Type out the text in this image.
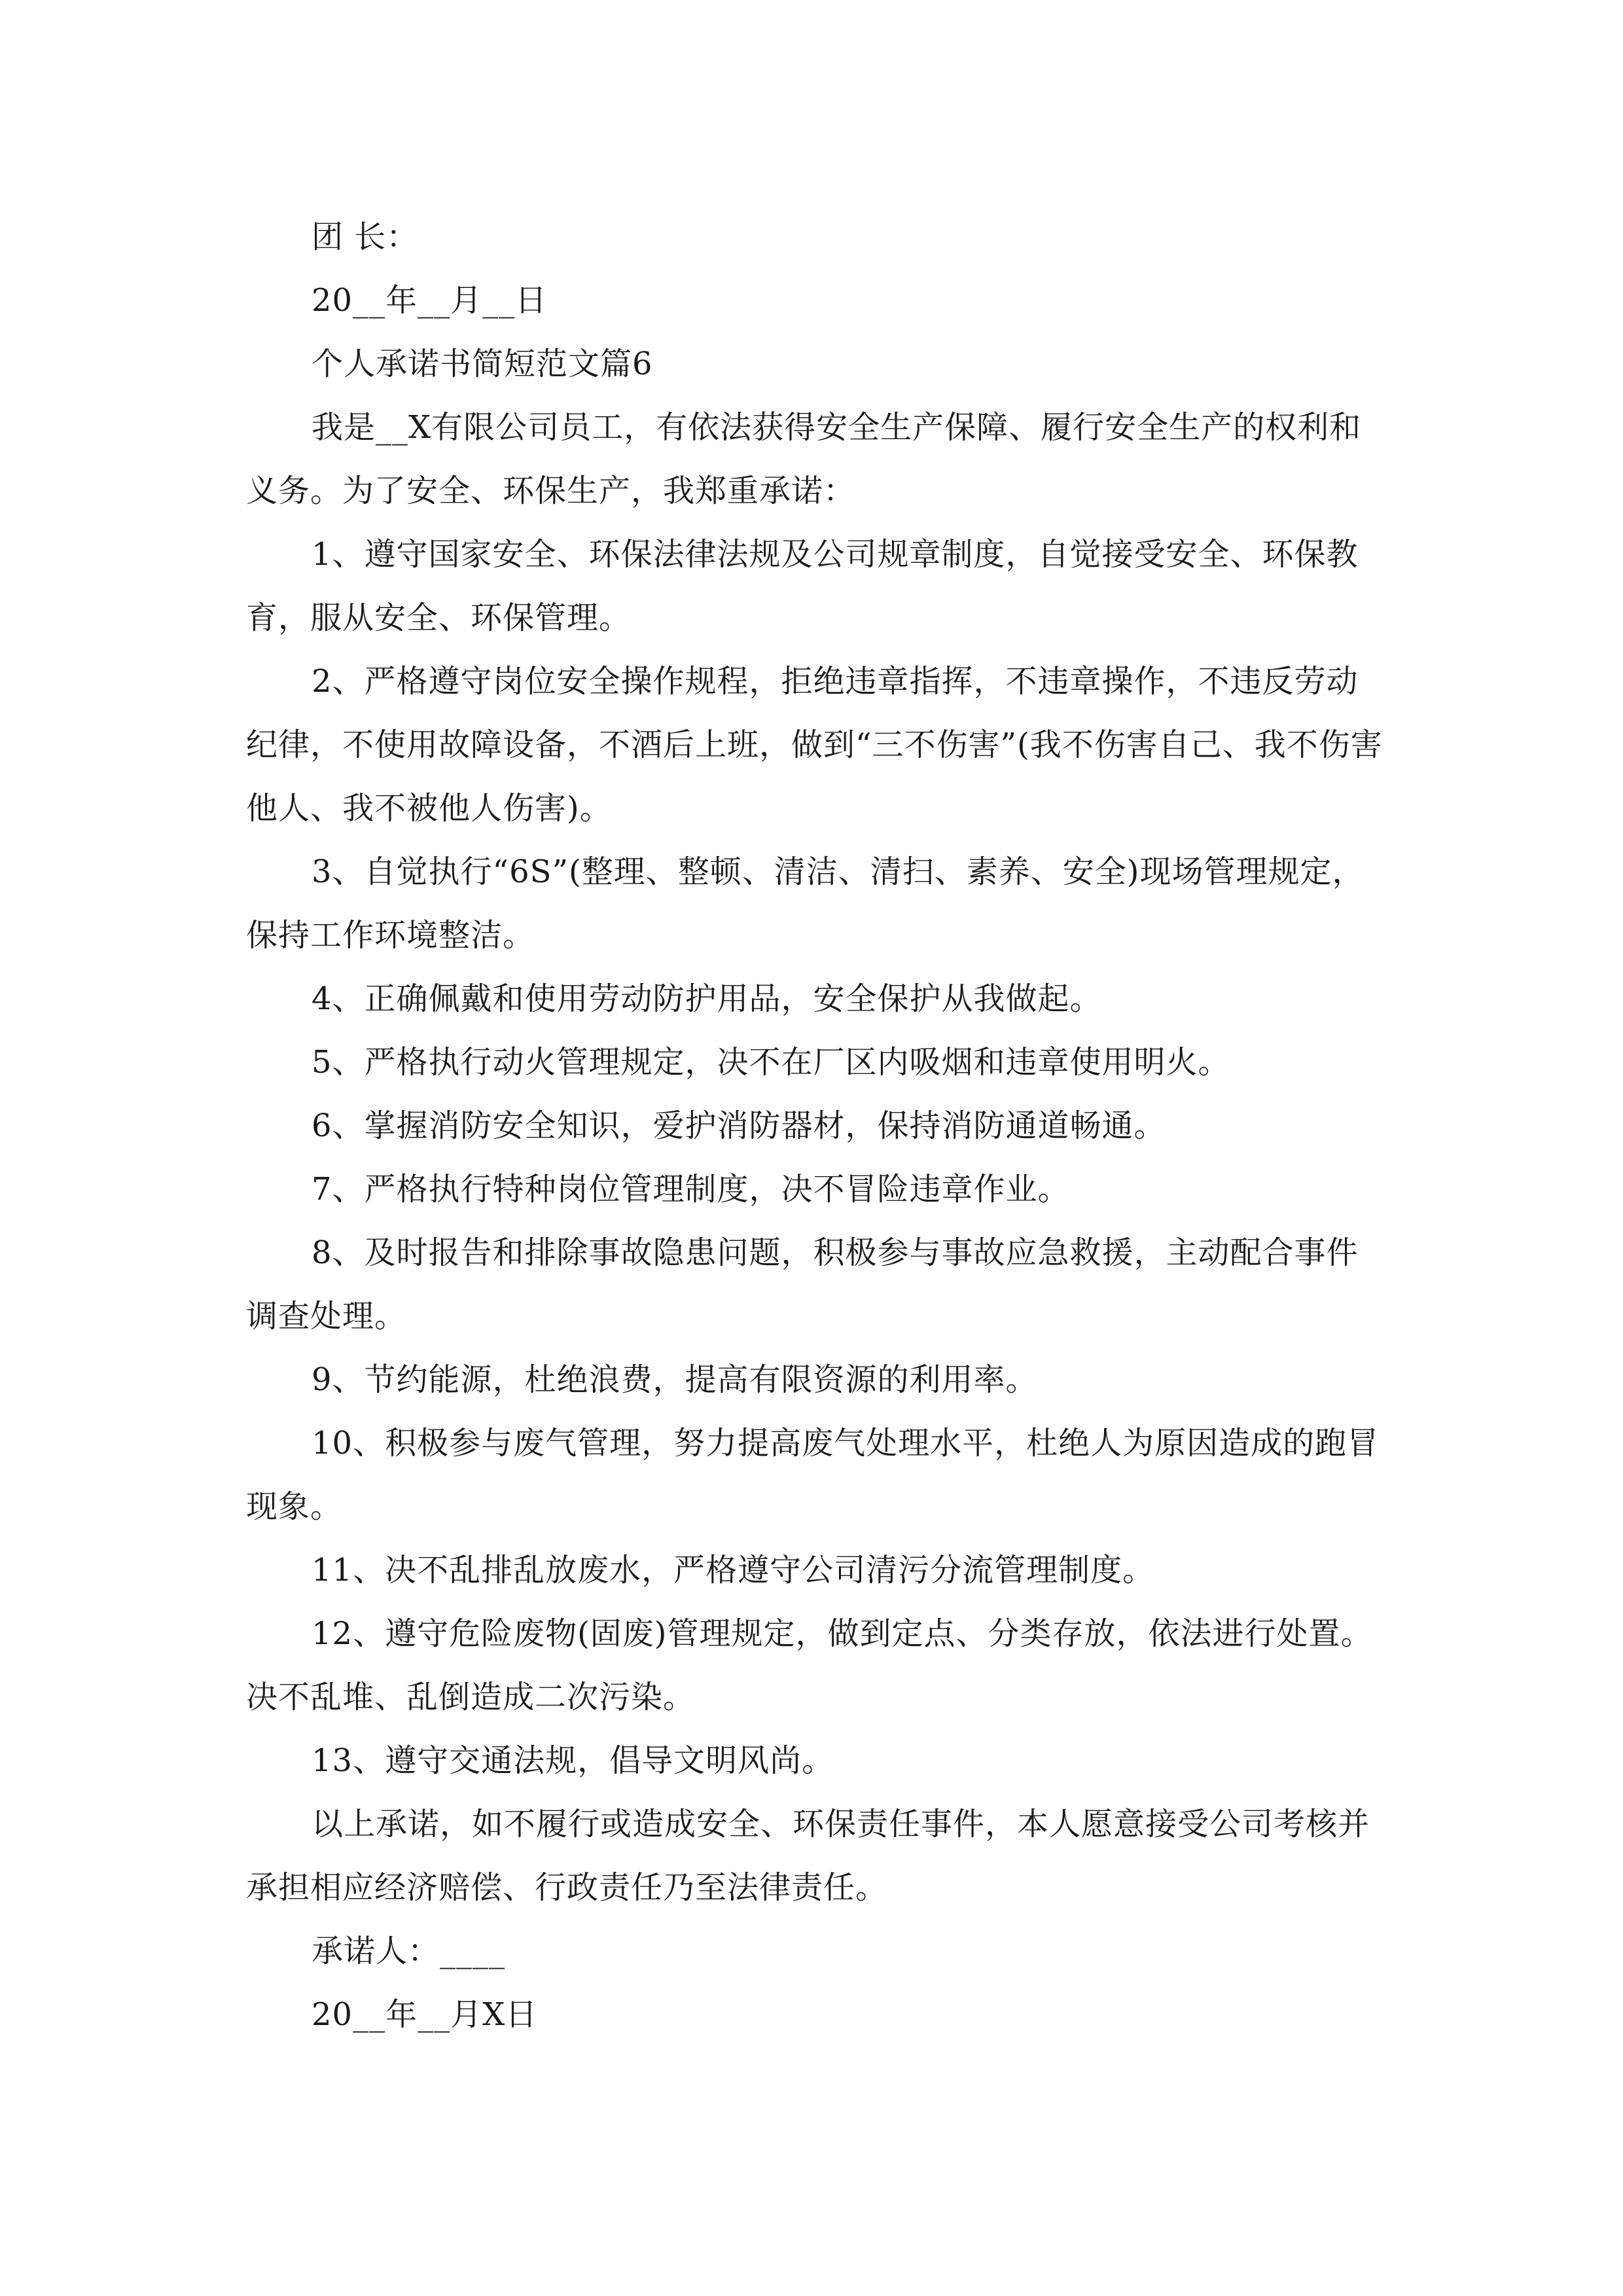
团 长：

20__年__月__日

个人承诺书简短范文篇6

我是__X有限公司员工，有依法获得安全生产保障、履行安全生产的权利和义务。为了安全、环保生产，我郑重承诺：

1、遵守国家安全、环保法律法规及公司规章制度，自觉接受安全、环保教育，服从安全、环保管理。

2、严格遵守岗位安全操作规程，拒绝违章指挥，不违章操作，不违反劳动纪律，不使用故障设备，不酒后上班，做到“三不伤害”(我不伤害自己、我不伤害他人、我不被他人伤害)。

3、自觉执行“6S”(整理、整顿、清洁、清扫、素养、安全)现场管理规定，保持工作环境整洁。

4、正确佩戴和使用劳动防护用品，安全保护从我做起。

5、严格执行动火管理规定，决不在厂区内吸烟和违章使用明火。

6、掌握消防安全知识，爱护消防器材，保持消防通道畅通。

7、严格执行特种岗位管理制度，决不冒险违章作业。

8、及时报告和排除事故隐患问题，积极参与事故应急救援，主动配合事件调查处理。

9、节约能源，杜绝浪费，提高有限资源的利用率。

10、积极参与废气管理，努力提高废气处理水平，杜绝人为原因造成的跑冒现象。

11、决不乱排乱放废水，严格遵守公司清污分流管理制度。

12、遵守危险废物(固废)管理规定，做到定点、分类存放，依法进行处置。决不乱堆、乱倒造成二次污染。

13、遵守交通法规，倡导文明风尚。

以上承诺，如不履行或造成安全、环保责任事件，本人愿意接受公司考核并承担相应经济赔偿、行政责任乃至法律责任。

承诺人：____

20__年__月X日
